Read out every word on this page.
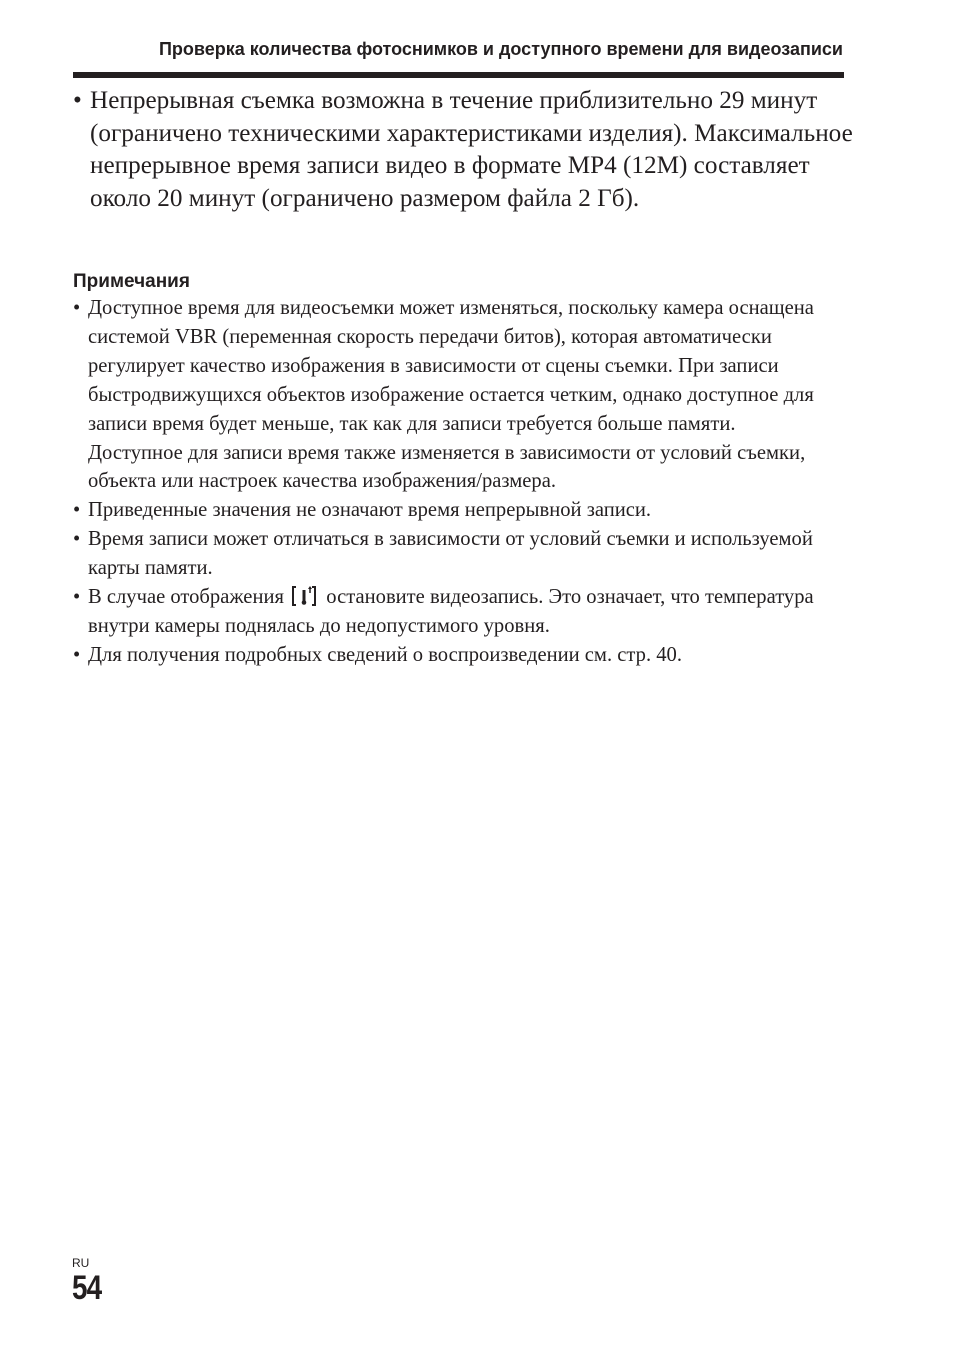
Проверка количества фотоснимков и доступного времени для видеозаписи
• Непрерывная съемка возможна в течение приблизительно 29 минут (ограничено техническими характеристиками изделия). Максимальное непрерывное время записи видео в формате MP4 (12M) составляет около 20 минут (ограничено размером файла 2 Гб).
Примечания
• Доступное время для видеосъемки может изменяться, поскольку камера оснащена системой VBR (переменная скорость передачи битов), которая автоматически регулирует качество изображения в зависимости от сцены съемки. При записи быстродвижущихся объектов изображение остается четким, однако доступное для записи время будет меньше, так как для записи требуется больше памяти.

Доступное для записи время также изменяется в зависимости от условий съемки, объекта или настроек качества изображения/размера.

• Приведенные значения не означают время непрерывной записи.
• Время записи может отличаться в зависимости от условий съемки и используемой карты памяти.
• В случае отображения остановите видеозапись. Это означает, что температура внутри камеры поднялась до недопустимого уровня.
• Для получения подробных сведений о воспроизведении см. стр. 40.
RU
54
